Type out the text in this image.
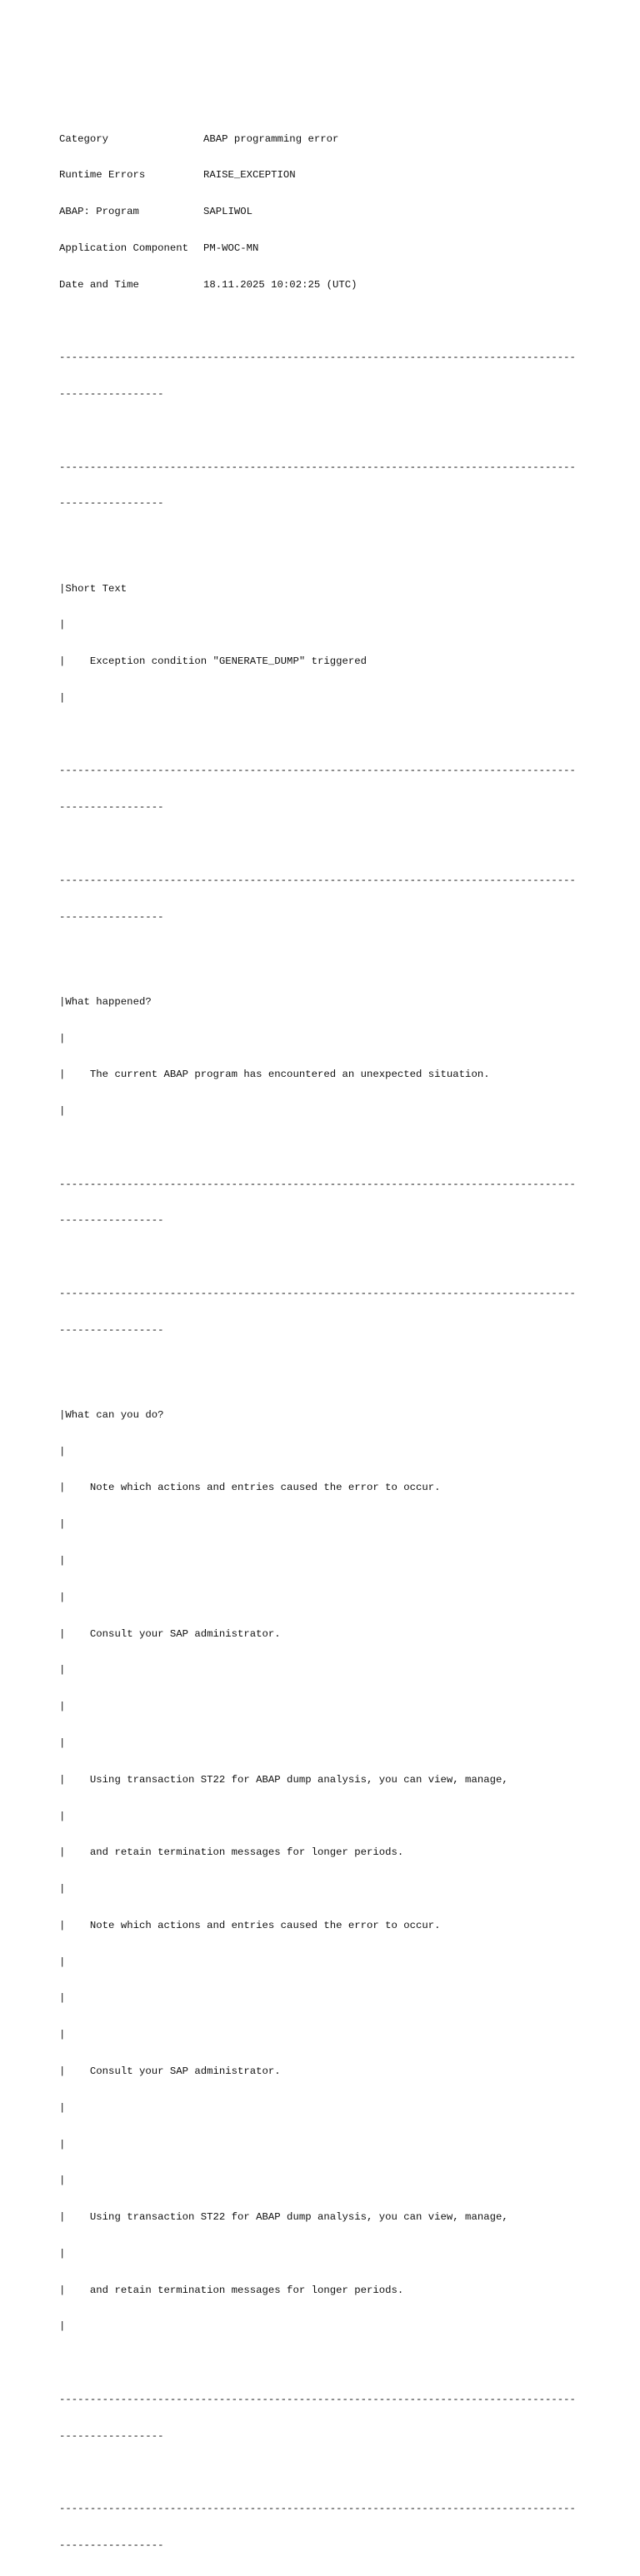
Category	ABAP programming error

Runtime Errors	RAISE_EXCEPTION

ABAP: Program	SAPLIWOL

Application Component PM-WOC-MN

Date and Time	18.11.2025 10:02:25 (UTC)

------------------------------------------------------------------------------------

-----------------

------------------------------------------------------------------------------------

-----------------

|Short Text

|

| Exception condition "GENERATE_DUMP" triggered

|

------------------------------------------------------------------------------------

-----------------

------------------------------------------------------------------------------------

-----------------

|What happened?

|

| The current ABAP program has encountered an unexpected situation.

|

------------------------------------------------------------------------------------

-----------------

------------------------------------------------------------------------------------

-----------------

|What can you do?

|

| Note which actions and entries caused the error to occur.

|

|

|

| Consult your SAP administrator.

|

|

|

| Using transaction ST22 for ABAP dump analysis, you can view, manage,

|

| and retain termination messages for longer periods.

|

| Note which actions and entries caused the error to occur.

|

|

|

| Consult your SAP administrator.

|

|

|

| Using transaction ST22 for ABAP dump analysis, you can view, manage,

|

| and retain termination messages for longer periods.

|

------------------------------------------------------------------------------------

-----------------

------------------------------------------------------------------------------------

-----------------
